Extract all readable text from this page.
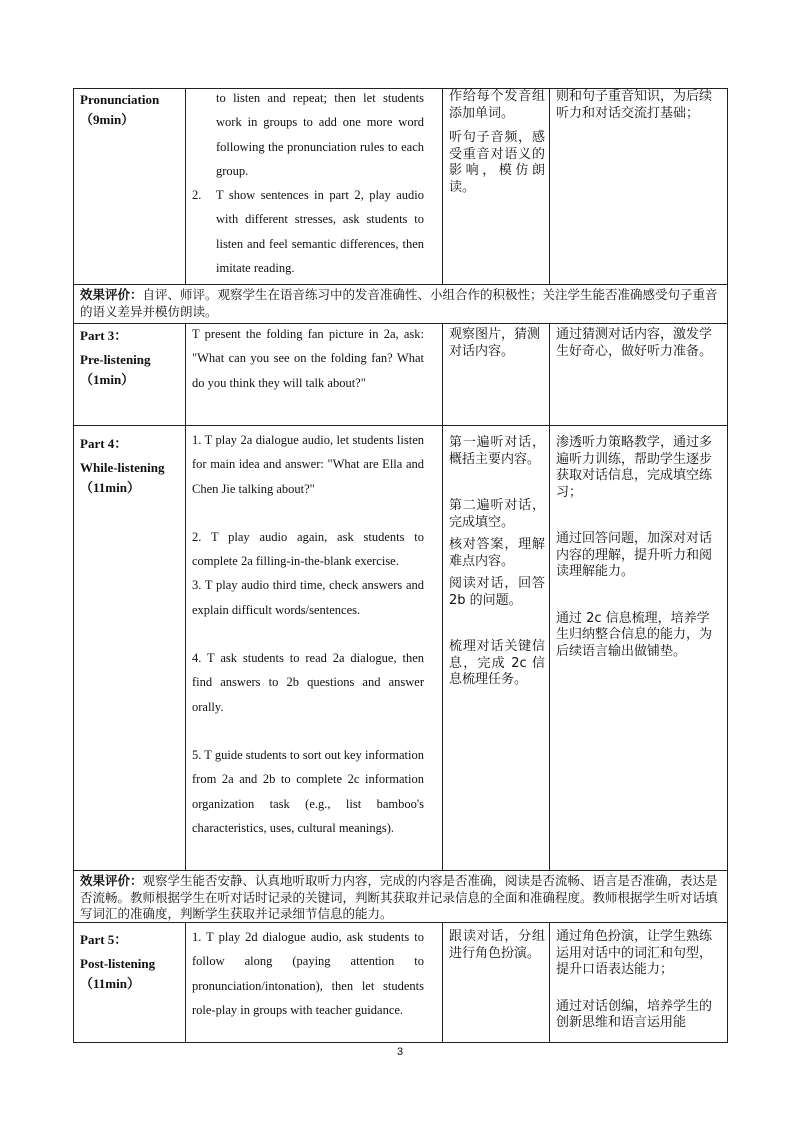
Pronunciation
（9min）
to listen and repeat; then let students work in groups to add one more word following the pronunciation rules to each group.
2. T show sentences in part 2, play audio with different stresses, ask students to listen and feel semantic differences, then imitate reading.
作给每个发音组添加单词。
听句子音频，感受重音对语义的影响，模仿朗读。
则和句子重音知识，为后续听力和对话交流打基础；
效果评价：自评、师评。观察学生在语音练习中的发音准确性、小组合作的积极性；关注学生能否准确感受句子重音的语义差异并模仿朗读。
Part 3：
Pre-listening
（1min）
T present the folding fan picture in 2a, ask: "What can you see on the folding fan? What do you think they will talk about?"
观察图片，猜测对话内容。
通过猜测对话内容，激发学生好奇心，做好听力准备。
Part 4：
While-listening
（11min）
1. T play 2a dialogue audio, let students listen for main idea and answer: "What are Ella and Chen Jie talking about?"
2. T play audio again, ask students to complete 2a filling-in-the-blank exercise.
3. T play audio third time, check answers and explain difficult words/sentences.
4. T ask students to read 2a dialogue, then find answers to 2b questions and answer orally.
5. T guide students to sort out key information from 2a and 2b to complete 2c information organization task (e.g., list bamboo's characteristics, uses, cultural meanings).
第一遍听对话，概括主要内容。
第二遍听对话，完成填空。
核对答案，理解难点内容。
阅读对话，回答 2b 的问题。
梳理对话关键信息，完成 2c 信息梳理任务。
渗透听力策略教学，通过多遍听力训练，帮助学生逐步获取对话信息，完成填空练习；
通过回答问题，加深对对话内容的理解，提升听力和阅读理解能力。
通过 2c 信息梳理，培养学生归纳整合信息的能力，为后续语言输出做铺垫。
效果评价：观察学生能否安静、认真地听取听力内容，完成的内容是否准确，阅读是否流畅、语言是否准确，表达是否流畅。教师根据学生在听对话时记录的关键词，判断其获取并记录信息的全面和准确程度。教师根据学生听对话填写词汇的准确度，判断学生获取并记录细节信息的能力。
Part 5：
Post-listening
（11min）
1. T play 2d dialogue audio, ask students to follow along (paying attention to pronunciation/intonation), then let students role-play in groups with teacher guidance.
跟读对话，分组进行角色扮演。
通过角色扮演，让学生熟练运用对话中的词汇和句型，提升口语表达能力；
通过对话创编，培养学生的创新思维和语言运用能
3
